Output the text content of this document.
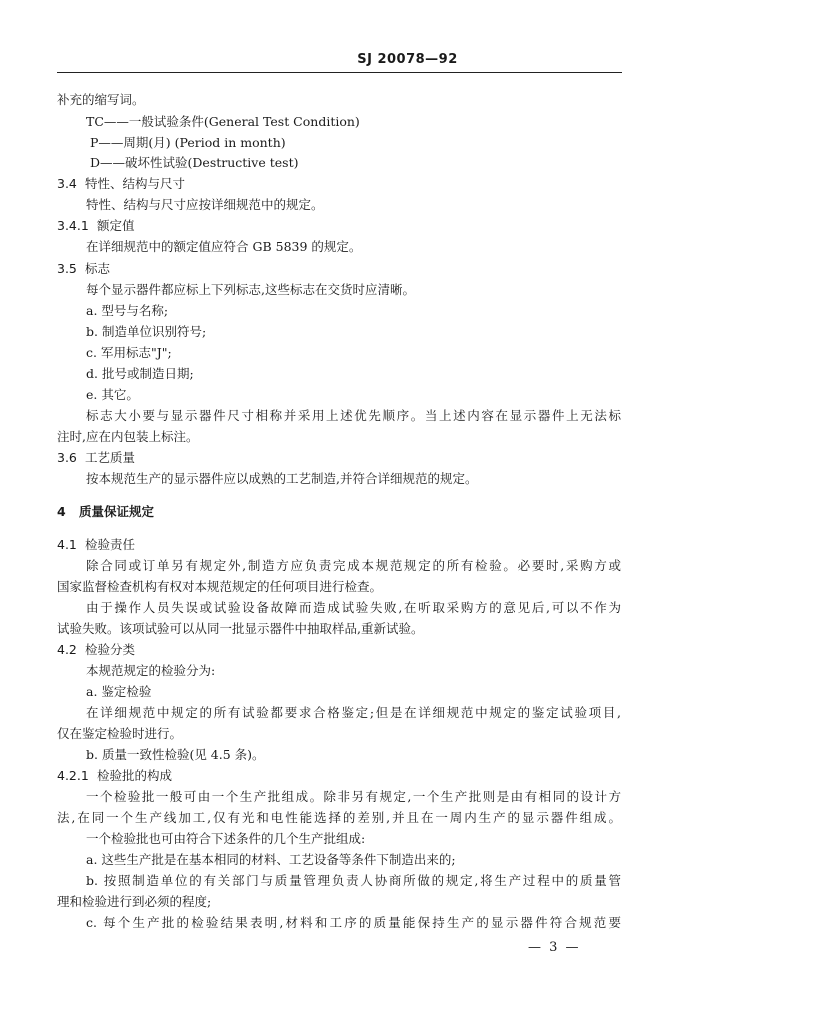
SJ 20078—92
补充的缩写词。
TC——一般试验条件(General Test Condition)
P——周期(月) (Period in month)
D——破坏性试验(Destructive test)
3.4 特性、结构与尺寸
特性、结构与尺寸应按详细规范中的规定。
3.4.1 额定值
在详细规范中的额定值应符合 GB 5839 的规定。
3.5 标志
每个显示器件都应标上下列标志,这些标志在交货时应清晰。
a. 型号与名称;
b. 制造单位识别符号;
c. 军用标志"J";
d. 批号或制造日期;
e. 其它。
标志大小要与显示器件尺寸相称并采用上述优先顺序。当上述内容在显示器件上无法标
注时,应在内包装上标注。
3.6 工艺质量
按本规范生产的显示器件应以成熟的工艺制造,并符合详细规范的规定。
4 质量保证规定
4.1 检验责任
除合同或订单另有规定外,制造方应负责完成本规范规定的所有检验。必要时,采购方或
国家监督检查机构有权对本规范规定的任何项目进行检查。
由于操作人员失误或试验设备故障而造成试验失败,在听取采购方的意见后,可以不作为
试验失败。该项试验可以从同一批显示器件中抽取样品,重新试验。
4.2 检验分类
本规范规定的检验分为:
a. 鉴定检验
在详细规范中规定的所有试验都要求合格鉴定;但是在详细规范中规定的鉴定试验项目,
仅在鉴定检验时进行。
b. 质量一致性检验(见 4.5 条)。
4.2.1 检验批的构成
一个检验批一般可由一个生产批组成。除非另有规定,一个生产批则是由有相同的设计方
法,在同一个生产线加工,仅有光和电性能选择的差别,并且在一周内生产的显示器件组成。
一个检验批也可由符合下述条件的几个生产批组成:
a. 这些生产批是在基本相同的材料、工艺设备等条件下制造出来的;
b. 按照制造单位的有关部门与质量管理负责人协商所做的规定,将生产过程中的质量管
理和检验进行到必须的程度;
c. 每个生产批的检验结果表明,材料和工序的质量能保持生产的显示器件符合规范要
— 3 —
